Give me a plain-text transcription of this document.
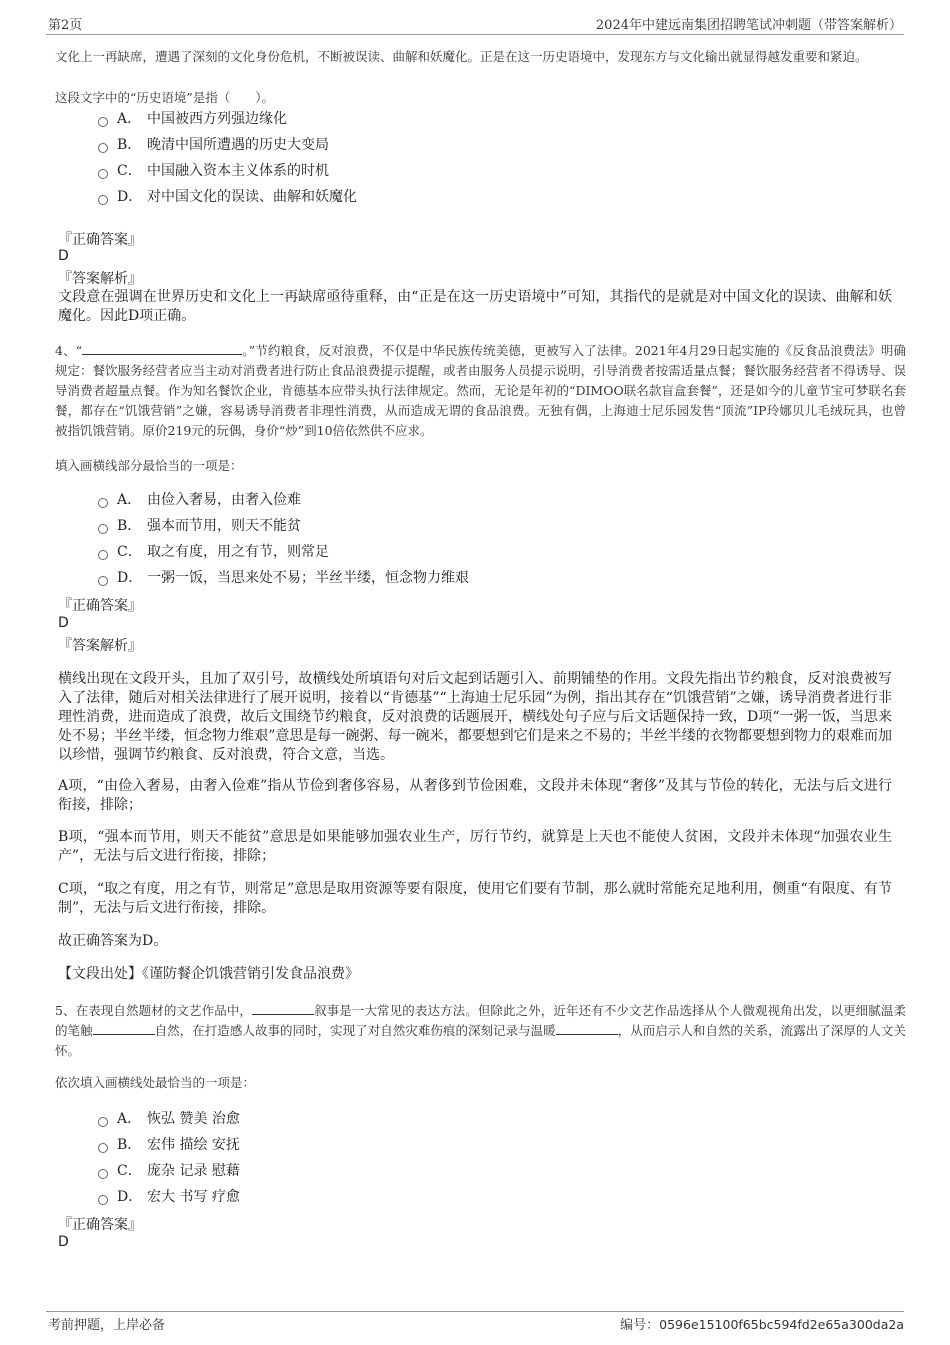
第2页	2024年中建远南集团招聘笔试冲刺题（带答案解析）
文化上一再缺席，遭遇了深刻的文化身份危机，不断被误读、曲解和妖魔化。正是在这一历史语境中，发现东方与文化输出就显得越发重要和紧迫。
这段文字中的“历史语境”是指（　　）。
A． 中国被西方列强边缘化
B． 晚清中国所遭遇的历史大变局
C． 中国融入资本主义体系的时机
D． 对中国文化的误读、曲解和妖魔化
『正确答案』
D
『答案解析』
文段意在强调在世界历史和文化上一再缺席亟待重释，由“正是在这一历史语境中”可知，其指代的是就是对中国文化的误读、曲解和妖魔化。因此D项正确。
4、“	。”节约粮食，反对浪费，不仅是中华民族传统美德，更被写入了法律。2021年4月29日起实施的《反食品浪费法》明确规定：餐饮服务经营者应当主动对消费者进行防止食品浪费提示提醒，或者由服务人员提示说明，引导消费者按需适量点餐；餐饮服务经营者不得诱导、误导消费者超量点餐。作为知名餐饮企业，肯德基本应带头执行法律规定。然而，无论是年初的“DIMOO联名款盲盒套餐”，还是如今的儿童节宝可梦联名套餐，都存在“饥饿营销”之嫌，容易诱导消费者非理性消费，从而造成无谓的食品浪费。无独有偶，上海迪士尼乐园发售“顶流”IP玲娜贝儿毛绒玩具，也曾被指饥饿营销。原价219元的玩偶，身价“炒”到10倍依然供不应求。
填入画横线部分最恰当的一项是：
A． 由俭入奢易，由奢入俭难
B． 强本而节用，则天不能贫
C． 取之有度，用之有节，则常足
D． 一粥一饭，当思来处不易；半丝半缕，恒念物力维艰
『正确答案』
D
『答案解析』
横线出现在文段开头，且加了双引号，故横线处所填语句对后文起到话题引入、前期铺垫的作用。文段先指出节约粮食，反对浪费被写入了法律，随后对相关法律进行了展开说明，接着以“肯德基”“上海迪士尼乐园”为例，指出其存在“饥饿营销”之嫌，诱导消费者进行非理性消费，进而造成了浪费，故后文围绕节约粮食，反对浪费的话题展开，横线处句子应与后文话题保持一致，D项“一粥一饭，当思来处不易；半丝半缕，恒念物力维艰”意思是每一碗粥、每一碗米，都要想到它们是来之不易的；半丝半缕的衣物都要想到物力的艰难而加以珍惜，强调节约粮食、反对浪费，符合文意，当选。
A项，“由俭入奢易，由奢入俭难”指从节俭到奢侈容易，从奢侈到节俭困难，文段并未体现“奢侈”及其与节俭的转化，无法与后文进行衔接，排除；
B项，“强本而节用，则天不能贫”意思是如果能够加强农业生产，厉行节约，就算是上天也不能使人贫困，文段并未体现“加强农业生产”，无法与后文进行衔接，排除；
C项，“取之有度，用之有节，则常足”意思是取用资源等要有限度，使用它们要有节制，那么就时常能充足地利用，侧重“有限度、有节制”，无法与后文进行衔接，排除。
故正确答案为D。
【文段出处】《谨防餐企饥饿营销引发食品浪费》
5、在表现自然题材的文艺作品中，	叙事是一大常见的表达方法。但除此之外，近年还有不少文艺作品选择从个人微观视角出发，以更细腻温柔的笔触	自然，在打造感人故事的同时，实现了对自然灾难伤痕的深刻记录与温暖	，从而启示人和自然的关系，流露出了深厚的人文关怀。
依次填入画横线处最恰当的一项是：
A． 恢弘 赞美 治愈
B． 宏伟 描绘 安抚
C． 庞杂 记录 慰藉
D． 宏大 书写 疗愈
『正确答案』
D
考前押题，上岸必备	编号：0596e15100f65bc594fd2e65a300da2a
